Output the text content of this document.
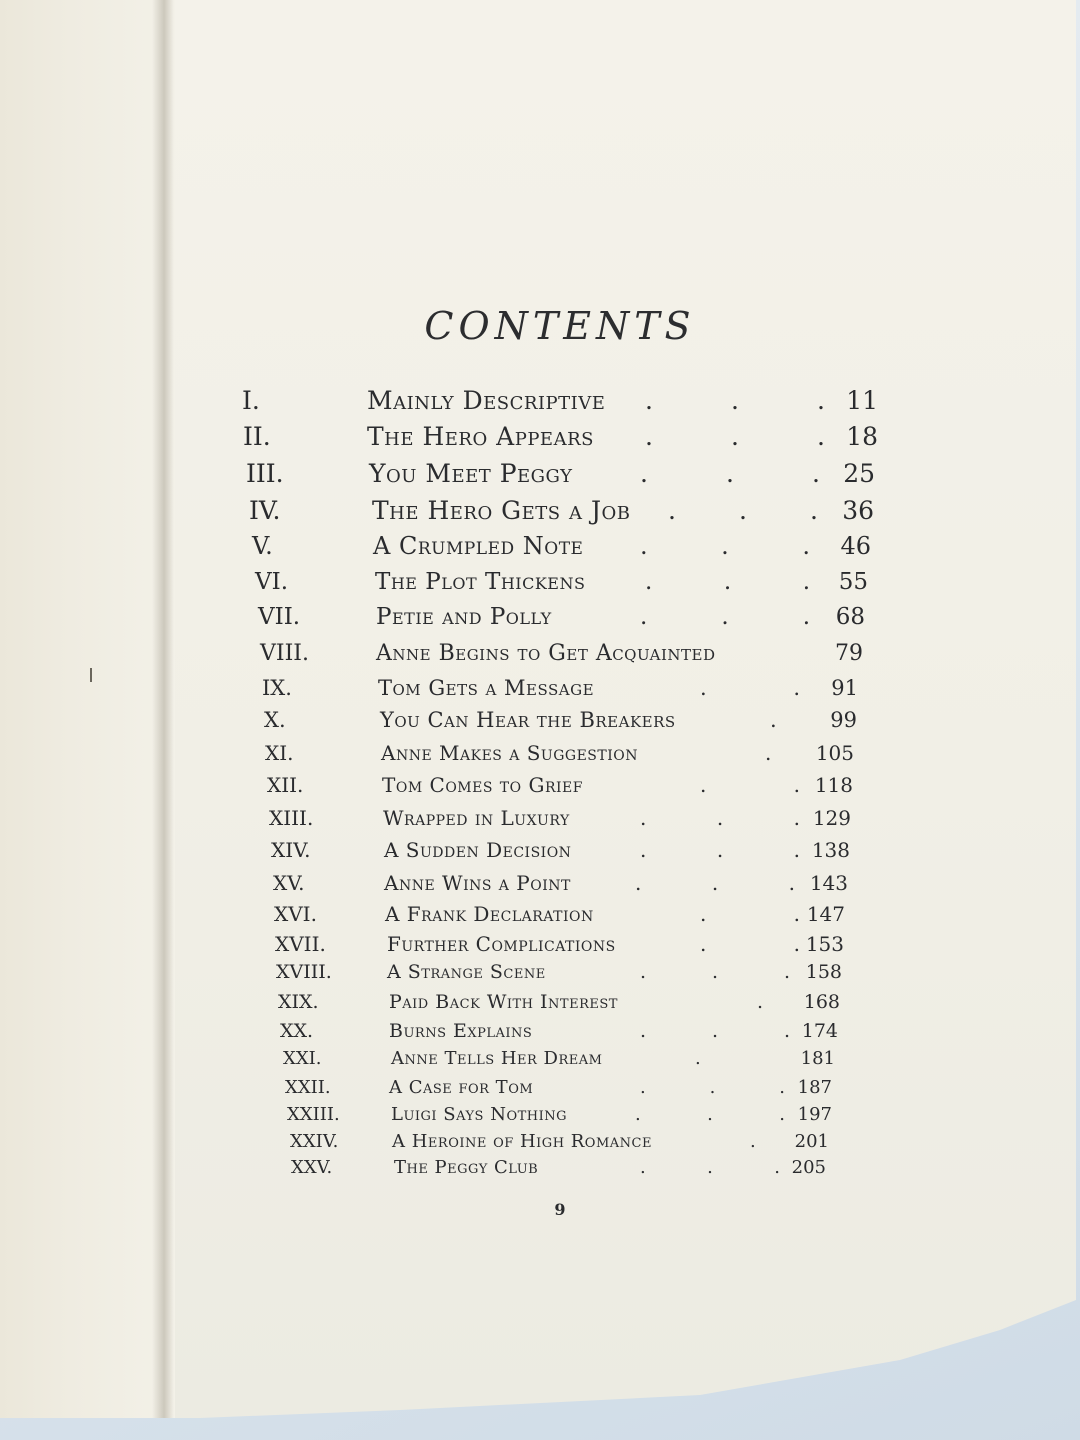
CONTENTS
I.	Mainly Descriptive .	.	. 11
II.	The Hero Appears .	.	. 18
III.	You Meet Peggy	.	.	. 25
IV.	The Hero Gets a Job .	.	. 36
V.	A Crumpled Note .	.	.	46
VI.	The Plot Thickens	.	.	.	55
VII.	Petie and Polly	.	.	.	68
VIII.	Anne Begins to Get Acquainted	79
IX.	Tom Gets a Message	.	.	91
X.	You Can Hear the Breakers	.	99
XI.	Anne Makes a Suggestion	.	105
XII.	Tom Comes to Grief	.	. 118
XIII.	Wrapped in Luxury	.	.	. 129
XIV.	A Sudden Decision	.	.	. 138
XV.	Anne Wins a Point	.	.	. 143
XVI.	A Frank Declaration	.	. 147
XVII.	Further Complications	.	. 153
XVIII.	A Strange Scene	.	.	. 158
XIX.	Paid Back With Interest	.	168
XX.	Burns Explains	.	.	. 174
XXI.	Anne Tells Her Dream	.	181
XXII.	A Case for Tom	.	.	. 187
XXIII.	Luigi Says Nothing	.	.	. 197
XXIV.	A Heroine of High Romance	.	201
XXV.	The Peggy Club	.	.	. 205
9
